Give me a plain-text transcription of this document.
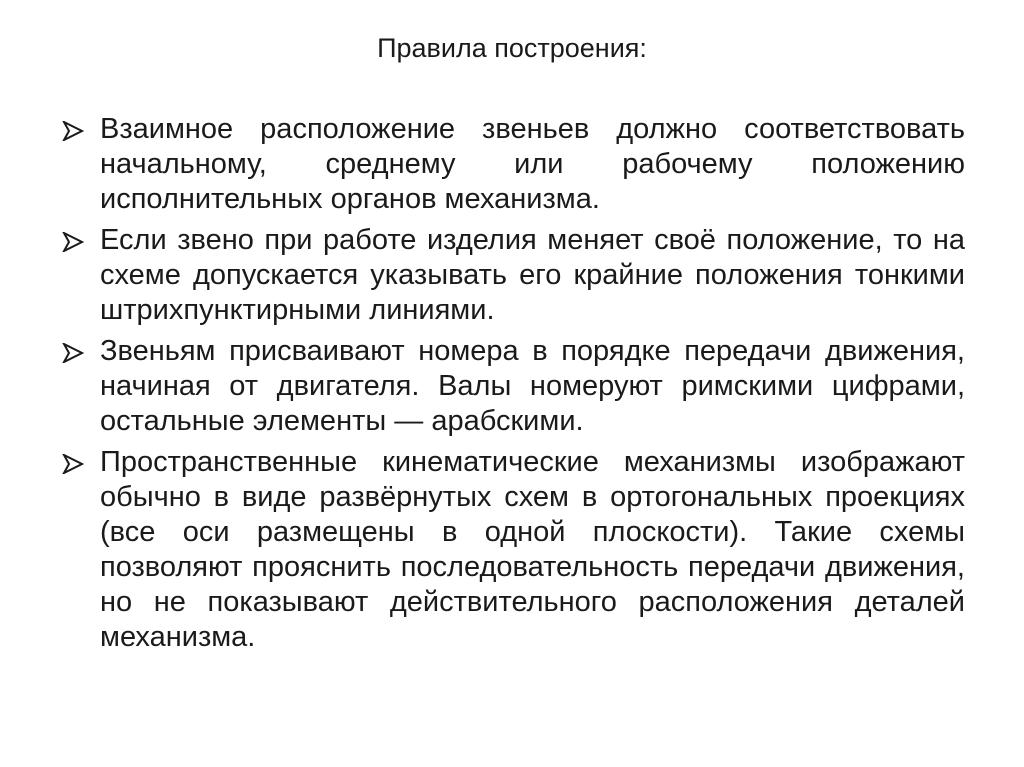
Правила построения:
Взаимное расположение звеньев должно соответствовать начальному, среднему или рабочему положению исполнительных органов механизма.
Если звено при работе изделия меняет своё положение, то на схеме допускается указывать его крайние положения тонкими штрихпунктирными линиями.
Звеньям присваивают номера в порядке передачи движения, начиная от двигателя. Валы номеруют римскими цифрами, остальные элементы — арабскими.
Пространственные кинематические механизмы изображают обычно в виде развёрнутых схем в ортогональных проекциях (все оси размещены в одной плоскости). Такие схемы позволяют прояснить последовательность передачи движения, но не показывают действительного расположения деталей механизма.
